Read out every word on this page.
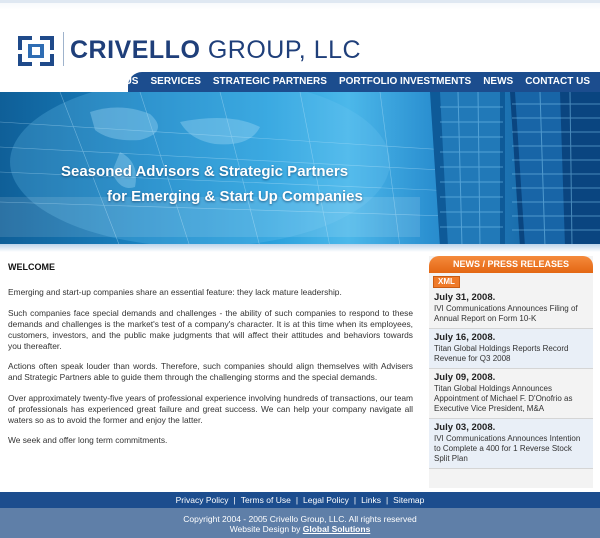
CRIVELLO GROUP, LLC
HOME	ABOUT US	SERVICES	STRATEGIC PARTNERS	PORTFOLIO INVESTMENTS	NEWS	CONTACT US
Seasoned Advisors & Strategic Partners
for Emerging & Start Up Companies

WELCOME

Emerging and start-up companies share an essential feature: they lack mature leadership.

Such companies face special demands and challenges - the ability of such companies to respond to these demands and challenges is the market's test of a company's character. It is at this time when its employees, customers, investors, and the public make judgments that will affect their attitudes and behaviors towards you thereafter.

Actions often speak louder than words. Therefore, such companies should align themselves with Advisers and Strategic Partners able to guide them through the challenging storms and the special demands.

Over approximately twenty-five years of professional experience involving hundreds of transactions, our team of professionals has experienced great failure and great success. We can help your company navigate all waters so as to avoid the former and enjoy the latter.

We seek and offer long term commitments.

NEWS / PRESS RELEASES
XML
July 31, 2008.
IVI Communications Announces Filing of Annual Report on Form 10-K
July 16, 2008.
Titan Global Holdings Reports Record Revenue for Q3 2008
July 09, 2008.
Titan Global Holdings Announces Appointment of Michael F. D'Onofrio as Executive Vice President, M&A
July 03, 2008.
IVI Communications Announces Intention to Complete a 400 for 1 Reverse Stock Split Plan
Privacy Policy | Terms of Use | Legal Policy | Links | Sitemap
Copyright 2004 - 2005 Crivello Group, LLC. All rights reserved
Website Design by Global Solutions
